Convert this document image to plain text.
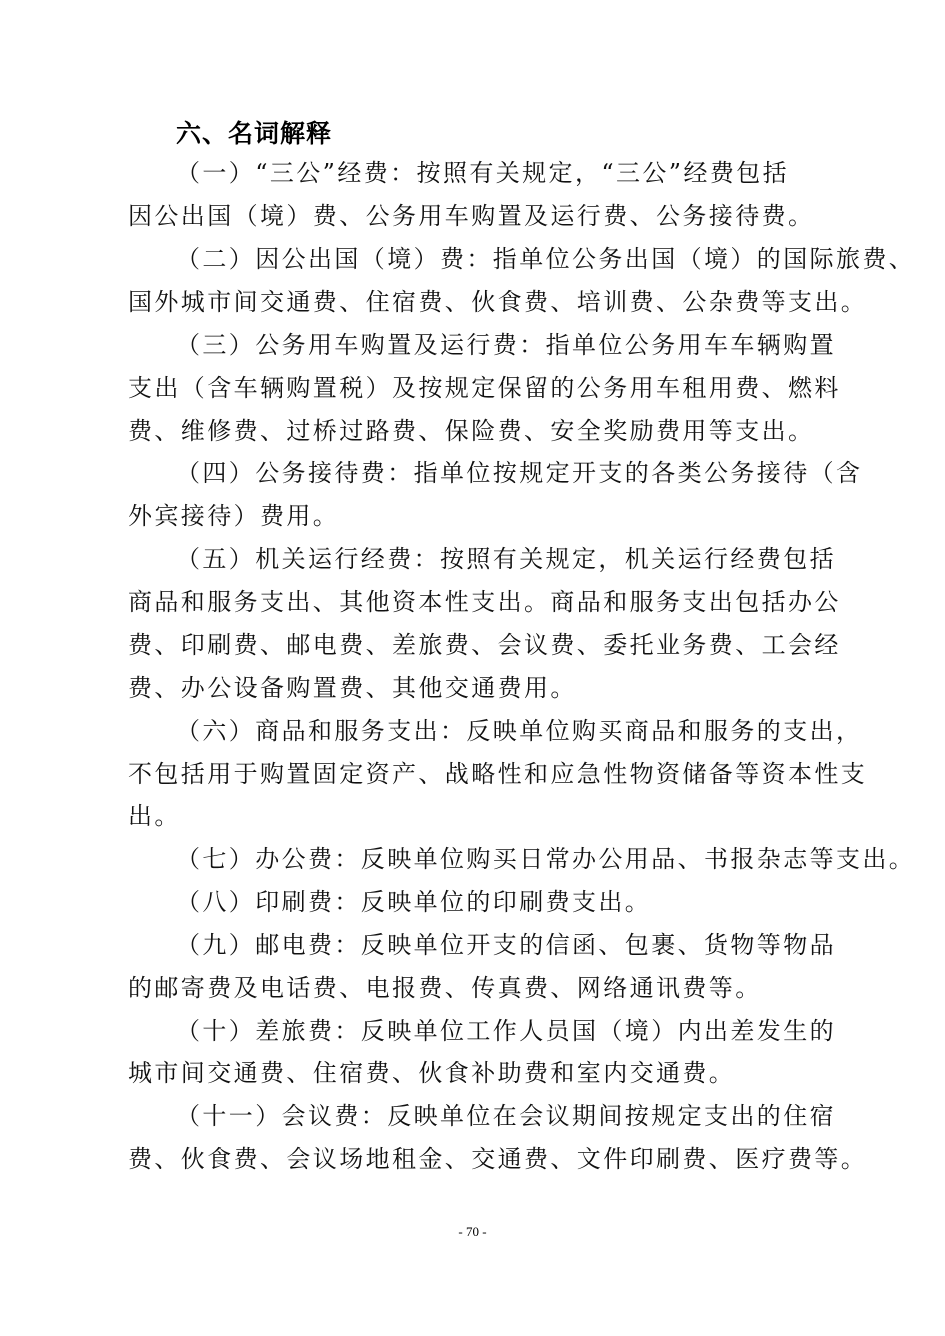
六、名词解释
（一）“三公”经费：按照有关规定，“三公”经费包括
因公出国（境）费、公务用车购置及运行费、公务接待费。
（二）因公出国（境）费：指单位公务出国（境）的国际旅费、
国外城市间交通费、住宿费、伙食费、培训费、公杂费等支出。
（三）公务用车购置及运行费：指单位公务用车车辆购置
支出（含车辆购置税）及按规定保留的公务用车租用费、燃料
费、维修费、过桥过路费、保险费、安全奖励费用等支出。
（四）公务接待费：指单位按规定开支的各类公务接待（含
外宾接待）费用。
（五）机关运行经费：按照有关规定，机关运行经费包括
商品和服务支出、其他资本性支出。商品和服务支出包括办公
费、印刷费、邮电费、差旅费、会议费、委托业务费、工会经
费、办公设备购置费、其他交通费用。
（六）商品和服务支出：反映单位购买商品和服务的支出，
不包括用于购置固定资产、战略性和应急性物资储备等资本性支
出。
（七）办公费：反映单位购买日常办公用品、书报杂志等支出。
（八）印刷费：反映单位的印刷费支出。
（九）邮电费：反映单位开支的信函、包裹、货物等物品
的邮寄费及电话费、电报费、传真费、网络通讯费等。
（十）差旅费：反映单位工作人员国（境）内出差发生的
城市间交通费、住宿费、伙食补助费和室内交通费。
（十一）会议费：反映单位在会议期间按规定支出的住宿
费、伙食费、会议场地租金、交通费、文件印刷费、医疗费等。
- 70 -
